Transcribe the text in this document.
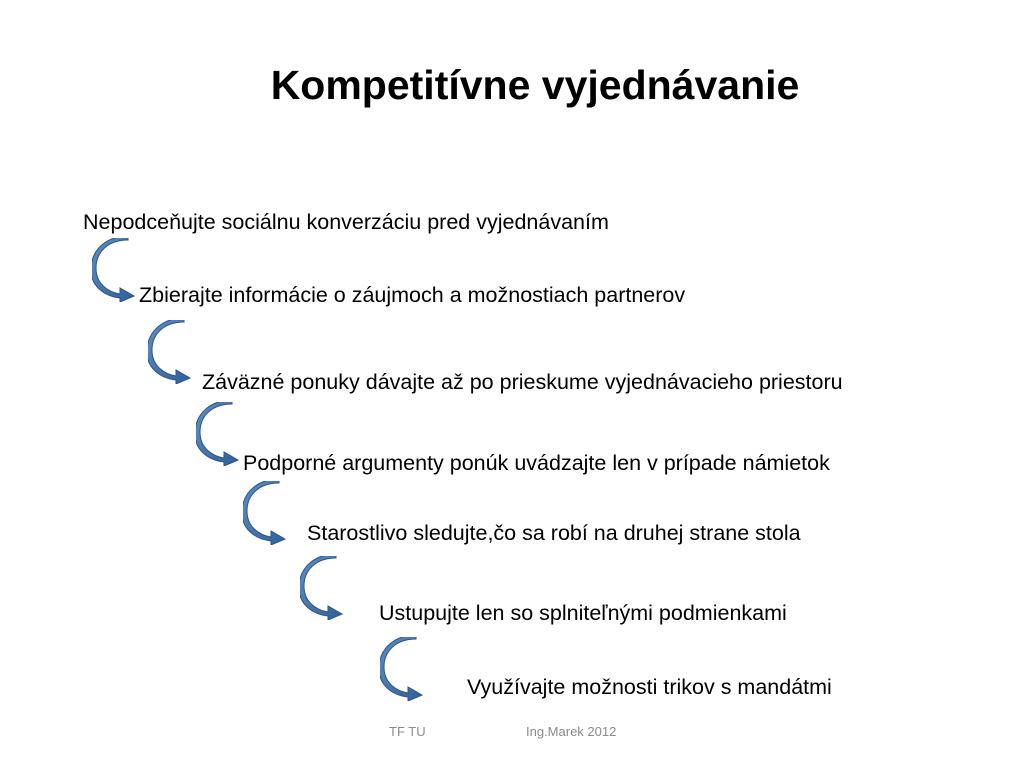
Kompetitívne vyjednávanie
Nepodceňujte sociálnu konverzáciu pred vyjednávaním
Zbierajte informácie o záujmoch a možnostiach partnerov
Záväzné ponuky dávajte až po prieskume vyjednávacieho priestoru
Podporné argumenty ponúk uvádzajte len v prípade námietok
Starostlivo sledujte,čo sa robí na druhej strane stola
Ustupujte len so splniteľnými podmienkami
Využívajte možnosti trikov s mandátmi
TF TU	Ing.Marek 2012
